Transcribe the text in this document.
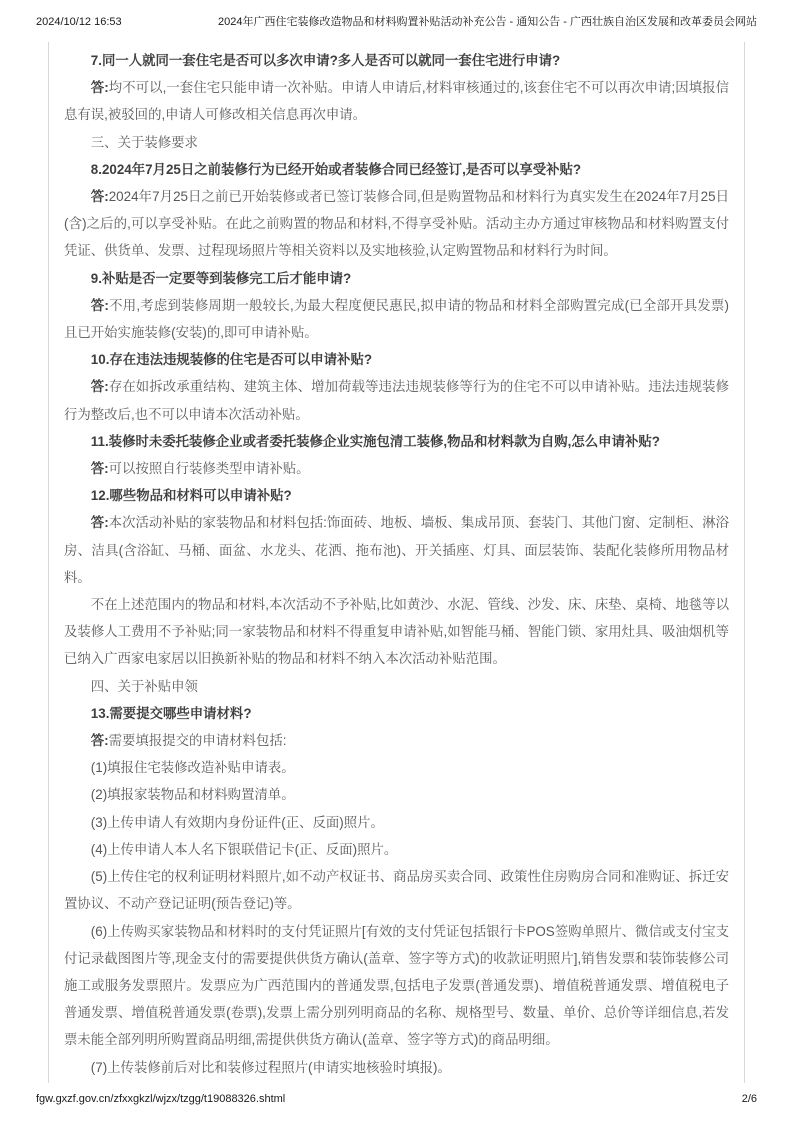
2024/10/12 16:53	2024年广西住宅装修改造物品和材料购置补贴活动补充公告 - 通知公告 - 广西壮族自治区发展和改革委员会网站

7.同一人就同一套住宅是否可以多次申请?多人是否可以就同一套住宅进行申请?

答:均不可以,一套住宅只能申请一次补贴。申请人申请后,材料审核通过的,该套住宅不可以再次申请;因填报信息有误,被驳回的,申请人可修改相关信息再次申请。

三、关于装修要求

8.2024年7月25日之前装修行为已经开始或者装修合同已经签订,是否可以享受补贴?

答:2024年7月25日之前已开始装修或者已签订装修合同,但是购置物品和材料行为真实发生在2024年7月25日(含)之后的,可以享受补贴。在此之前购置的物品和材料,不得享受补贴。活动主办方通过审核物品和材料购置支付凭证、供货单、发票、过程现场照片等相关资料以及实地核验,认定购置物品和材料行为时间。

9.补贴是否一定要等到装修完工后才能申请?

答:不用,考虑到装修周期一般较长,为最大程度便民惠民,拟申请的物品和材料全部购置完成(已全部开具发票)且已开始实施装修(安装)的,即可申请补贴。

10.存在违法违规装修的住宅是否可以申请补贴?

答:存在如拆改承重结构、建筑主体、增加荷载等违法违规装修等行为的住宅不可以申请补贴。违法违规装修行为整改后,也不可以申请本次活动补贴。

11.装修时未委托装修企业或者委托装修企业实施包清工装修,物品和材料款为自购,怎么申请补贴?

答:可以按照自行装修类型申请补贴。

12.哪些物品和材料可以申请补贴?

答:本次活动补贴的家装物品和材料包括:饰面砖、地板、墙板、集成吊顶、套装门、其他门窗、定制柜、淋浴房、洁具(含浴缸、马桶、面盆、水龙头、花洒、拖布池)、开关插座、灯具、面层装饰、装配化装修所用物品材料。

不在上述范围内的物品和材料,本次活动不予补贴,比如黄沙、水泥、管线、沙发、床、床垫、桌椅、地毯等以及装修人工费用不予补贴;同一家装物品和材料不得重复申请补贴,如智能马桶、智能门锁、家用灶具、吸油烟机等已纳入广西家电家居以旧换新补贴的物品和材料不纳入本次活动补贴范围。

四、关于补贴申领

13.需要提交哪些申请材料?

答:需要填报提交的申请材料包括:

(1)填报住宅装修改造补贴申请表。

(2)填报家装物品和材料购置清单。

(3)上传申请人有效期内身份证件(正、反面)照片。

(4)上传申请人本人名下银联借记卡(正、反面)照片。

(5)上传住宅的权利证明材料照片,如不动产权证书、商品房买卖合同、政策性住房购房合同和准购证、拆迁安置协议、不动产登记证明(预告登记)等。

(6)上传购买家装物品和材料时的支付凭证照片[有效的支付凭证包括银行卡POS签购单照片、微信或支付宝支付记录截图图片等,现金支付的需要提供供货方确认(盖章、签字等方式)的收款证明照片],销售发票和装饰装修公司施工或服务发票照片。发票应为广西范围内的普通发票,包括电子发票(普通发票)、增值税普通发票、增值税电子普通发票、增值税普通发票(卷票),发票上需分别列明商品的名称、规格型号、数量、单价、总价等详细信息,若发票未能全部列明所购置商品明细,需提供供货方确认(盖章、签字等方式)的商品明细。

(7)上传装修前后对比和装修过程照片(申请实地核验时填报)。

fgw.gxzf.gov.cn/zfxxgkzl/wjzx/tzgg/t19088326.shtml	2/6
